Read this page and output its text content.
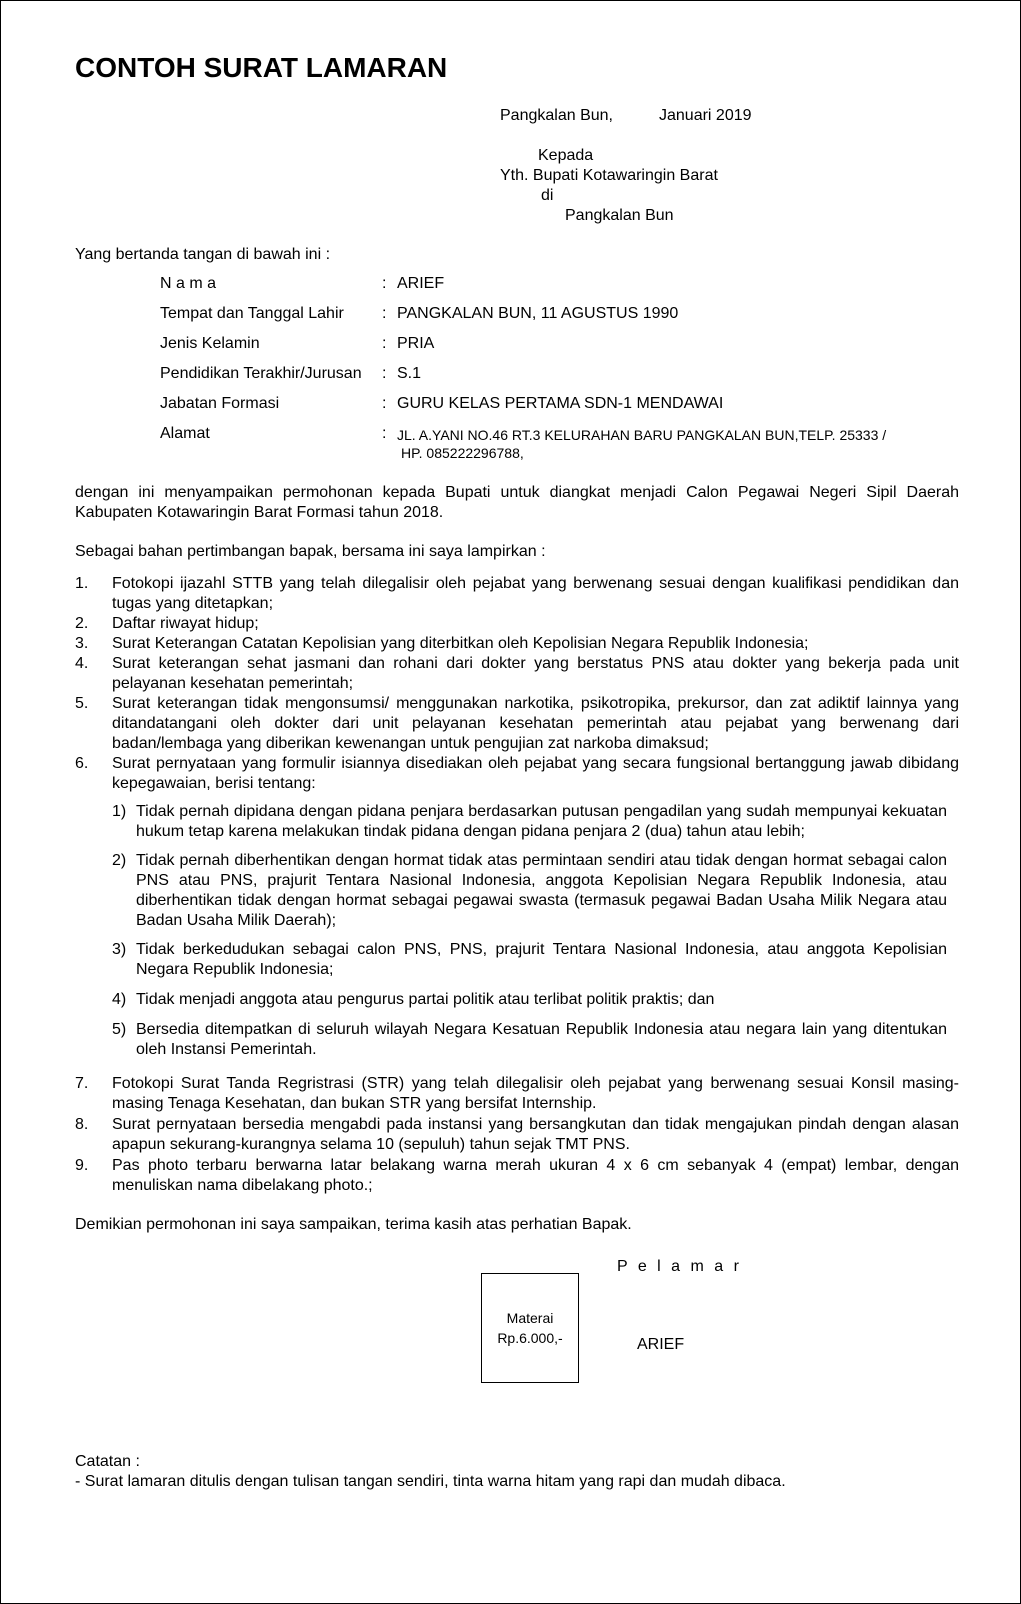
CONTOH SURAT LAMARAN
Pangkalan Bun,	Januari 2019
Kepada
Yth. Bupati Kotawaringin Barat
di
Pangkalan Bun
Yang bertanda tangan di bawah ini :
N a m a	: ARIEF
Tempat dan Tanggal Lahir : PANGKALAN BUN, 11 AGUSTUS 1990
Jenis Kelamin	: PRIA
Pendidikan Terakhir/Jurusan : S.1
Jabatan Formasi	: GURU KELAS PERTAMA SDN-1 MENDAWAI
Alamat	: JL. A.YANI NO.46 RT.3 KELURAHAN BARU PANGKALAN BUN,TELP. 25333 /
HP. 085222296788,
dengan ini menyampaikan permohonan kepada Bupati untuk diangkat menjadi Calon Pegawai Negeri Sipil Daerah Kabupaten Kotawaringin Barat Formasi tahun 2018.
Sebagai bahan pertimbangan bapak, bersama ini saya lampirkan :
1.	Fotokopi ijazahl STTB yang telah dilegalisir oleh pejabat yang berwenang sesuai dengan kualifikasi pendidikan dan tugas yang ditetapkan;
2.	Daftar riwayat hidup;
3.	Surat Keterangan Catatan Kepolisian yang diterbitkan oleh Kepolisian Negara Republik Indonesia;
4.	Surat keterangan sehat jasmani dan rohani dari dokter yang berstatus PNS atau dokter yang bekerja pada unit pelayanan kesehatan pemerintah;
5.	Surat keterangan tidak mengonsumsi/ menggunakan narkotika, psikotropika, prekursor, dan zat adiktif lainnya yang ditandatangani oleh dokter dari unit pelayanan kesehatan pemerintah atau pejabat yang berwenang dari badan/lembaga yang diberikan kewenangan untuk pengujian zat narkoba dimaksud;
6.	Surat pernyataan yang formulir isiannya disediakan oleh pejabat yang secara fungsional bertanggung jawab dibidang kepegawaian, berisi tentang:
1) Tidak pernah dipidana dengan pidana penjara berdasarkan putusan pengadilan yang sudah mempunyai kekuatan hukum tetap karena melakukan tindak pidana dengan pidana penjara 2 (dua) tahun atau lebih;
2) Tidak pernah diberhentikan dengan hormat tidak atas permintaan sendiri atau tidak dengan hormat sebagai calon PNS atau PNS, prajurit Tentara Nasional Indonesia, anggota Kepolisian Negara Republik Indonesia, atau diberhentikan tidak dengan hormat sebagai pegawai swasta (termasuk pegawai Badan Usaha Milik Negara atau Badan Usaha Milik Daerah);
3) Tidak berkedudukan sebagai calon PNS, PNS, prajurit Tentara Nasional Indonesia, atau anggota Kepolisian Negara Republik Indonesia;
4) Tidak menjadi anggota atau pengurus partai politik atau terlibat politik praktis; dan
5) Bersedia ditempatkan di seluruh wilayah Negara Kesatuan Republik Indonesia atau negara lain yang ditentukan oleh Instansi Pemerintah.
7.	Fotokopi Surat Tanda Regristrasi (STR) yang telah dilegalisir oleh pejabat yang berwenang sesuai Konsil masing-masing Tenaga Kesehatan, dan bukan STR yang bersifat Internship.
8.	Surat pernyataan bersedia mengabdi pada instansi yang bersangkutan dan tidak mengajukan pindah dengan alasan apapun sekurang-kurangnya selama 10 (sepuluh) tahun sejak TMT PNS.
9.	Pas photo terbaru berwarna latar belakang warna merah ukuran 4 x 6 cm sebanyak 4 (empat) lembar, dengan menuliskan nama dibelakang photo.;
Demikian permohonan ini saya sampaikan, terima kasih atas perhatian Bapak.
P e l a m a r
Materai
Rp.6.000,-	ARIEF
Catatan :
- Surat lamaran ditulis dengan tulisan tangan sendiri, tinta warna hitam yang rapi dan mudah dibaca.
